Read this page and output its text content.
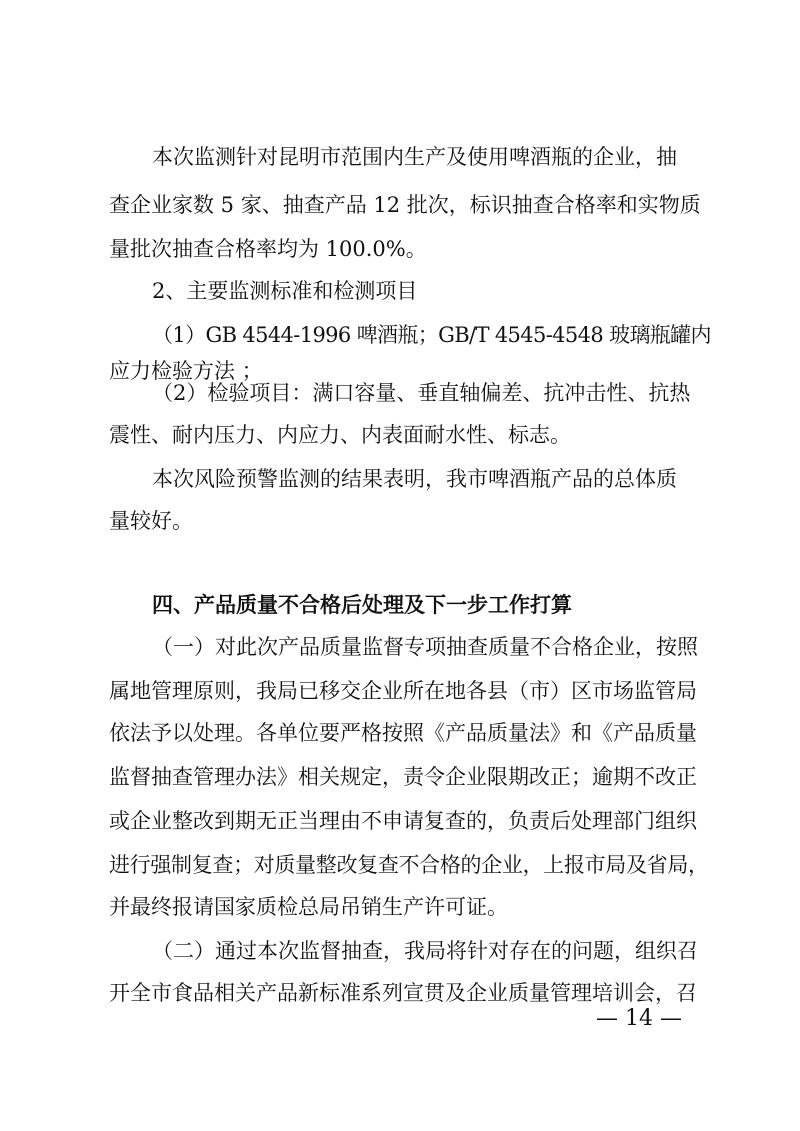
本次监测针对昆明市范围内生产及使用啤酒瓶的企业，抽
查企业家数 5 家、抽查产品 12 批次，标识抽查合格率和实物质
量批次抽查合格率均为 100.0%。
2、主要监测标准和检测项目
（1）GB 4544-1996 啤酒瓶；GB/T 4545-4548 玻璃瓶罐内
应力检验方法 ；
（2）检验项目：满口容量、垂直轴偏差、抗冲击性、抗热
震性、耐内压力、内应力、内表面耐水性、标志。
本次风险预警监测的结果表明，我市啤酒瓶产品的总体质
量较好。
四、产品质量不合格后处理及下一步工作打算
（一）对此次产品质量监督专项抽查质量不合格企业，按照
属地管理原则，我局已移交企业所在地各县（市）区市场监管局
依法予以处理。各单位要严格按照《产品质量法》和《产品质量
监督抽查管理办法》相关规定，责令企业限期改正；逾期不改正
或企业整改到期无正当理由不申请复查的，负责后处理部门组织
进行强制复查；对质量整改复查不合格的企业，上报市局及省局，
并最终报请国家质检总局吊销生产许可证。
（二）通过本次监督抽查，我局将针对存在的问题，组织召
开全市食品相关产品新标准系列宣贯及企业质量管理培训会，召
— 14 —
